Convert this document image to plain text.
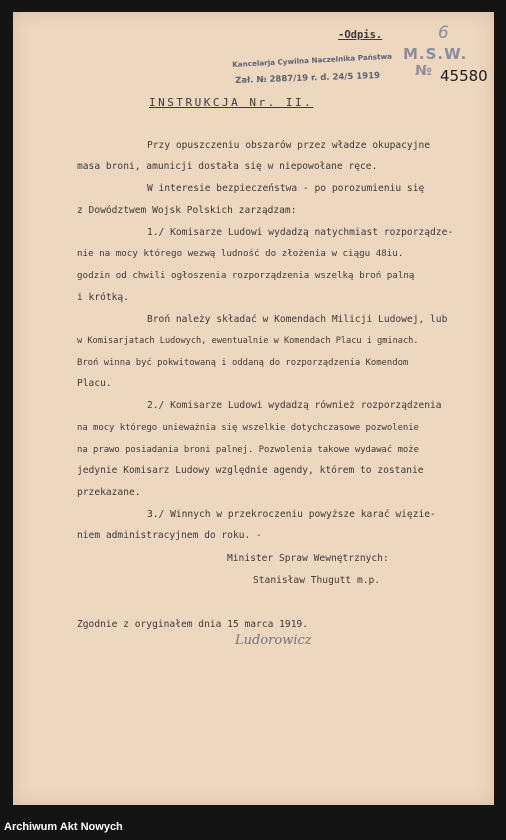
-Odpis.	6
M.S.W.
№ 45580
Kancelarja Cywilna Naczelnika Państwa
Zał. № 2887/19 r. d. 24/5 1919
INSTRUKCJA Nr. II.
Przy opuszczeniu obszarów przez władze okupacyjne
masa broni, amunicji dostała się w niepowołane ręce.
W interesie bezpieczeństwa - po porozumieniu się
z Dowództwem Wojsk Polskich zarządzam:
1./ Komisarze Ludowi wydadzą natychmiast rozporządze-
nie na mocy którego wezwą ludność do złożenia w ciągu 48iu.
godzin od chwili ogłoszenia rozporządzenia wszelką broń palną
i krótką.
Broń należy składać w Komendach Milicji Ludowej, lub
w Komisarjatach Ludowych, ewentualnie w Komendach Placu i gminach.
Broń winna być pokwitowaną i oddaną do rozporządzenia Komendom
Placu.
2./ Komisarze Ludowi wydadzą również rozporządzenia
na mocy którego unieważnia się wszelkie dotychczasowe pozwolenie
na prawo posiadania broni palnej. Pozwolenia takowe wydawać może
jedynie Komisarz Ludowy względnie agendy, którem to zostanie
przekazane.
3./ Winnych w przekroczeniu powyższe karać więzie-
niem administracyjnem do roku. -
Minister Spraw Wewnętrznych:
Stanisław Thugutt m.p.
Zgodnie z oryginałem dnia 15 marca 1919.
Ludorowicz
Archiwum Akt Nowych
